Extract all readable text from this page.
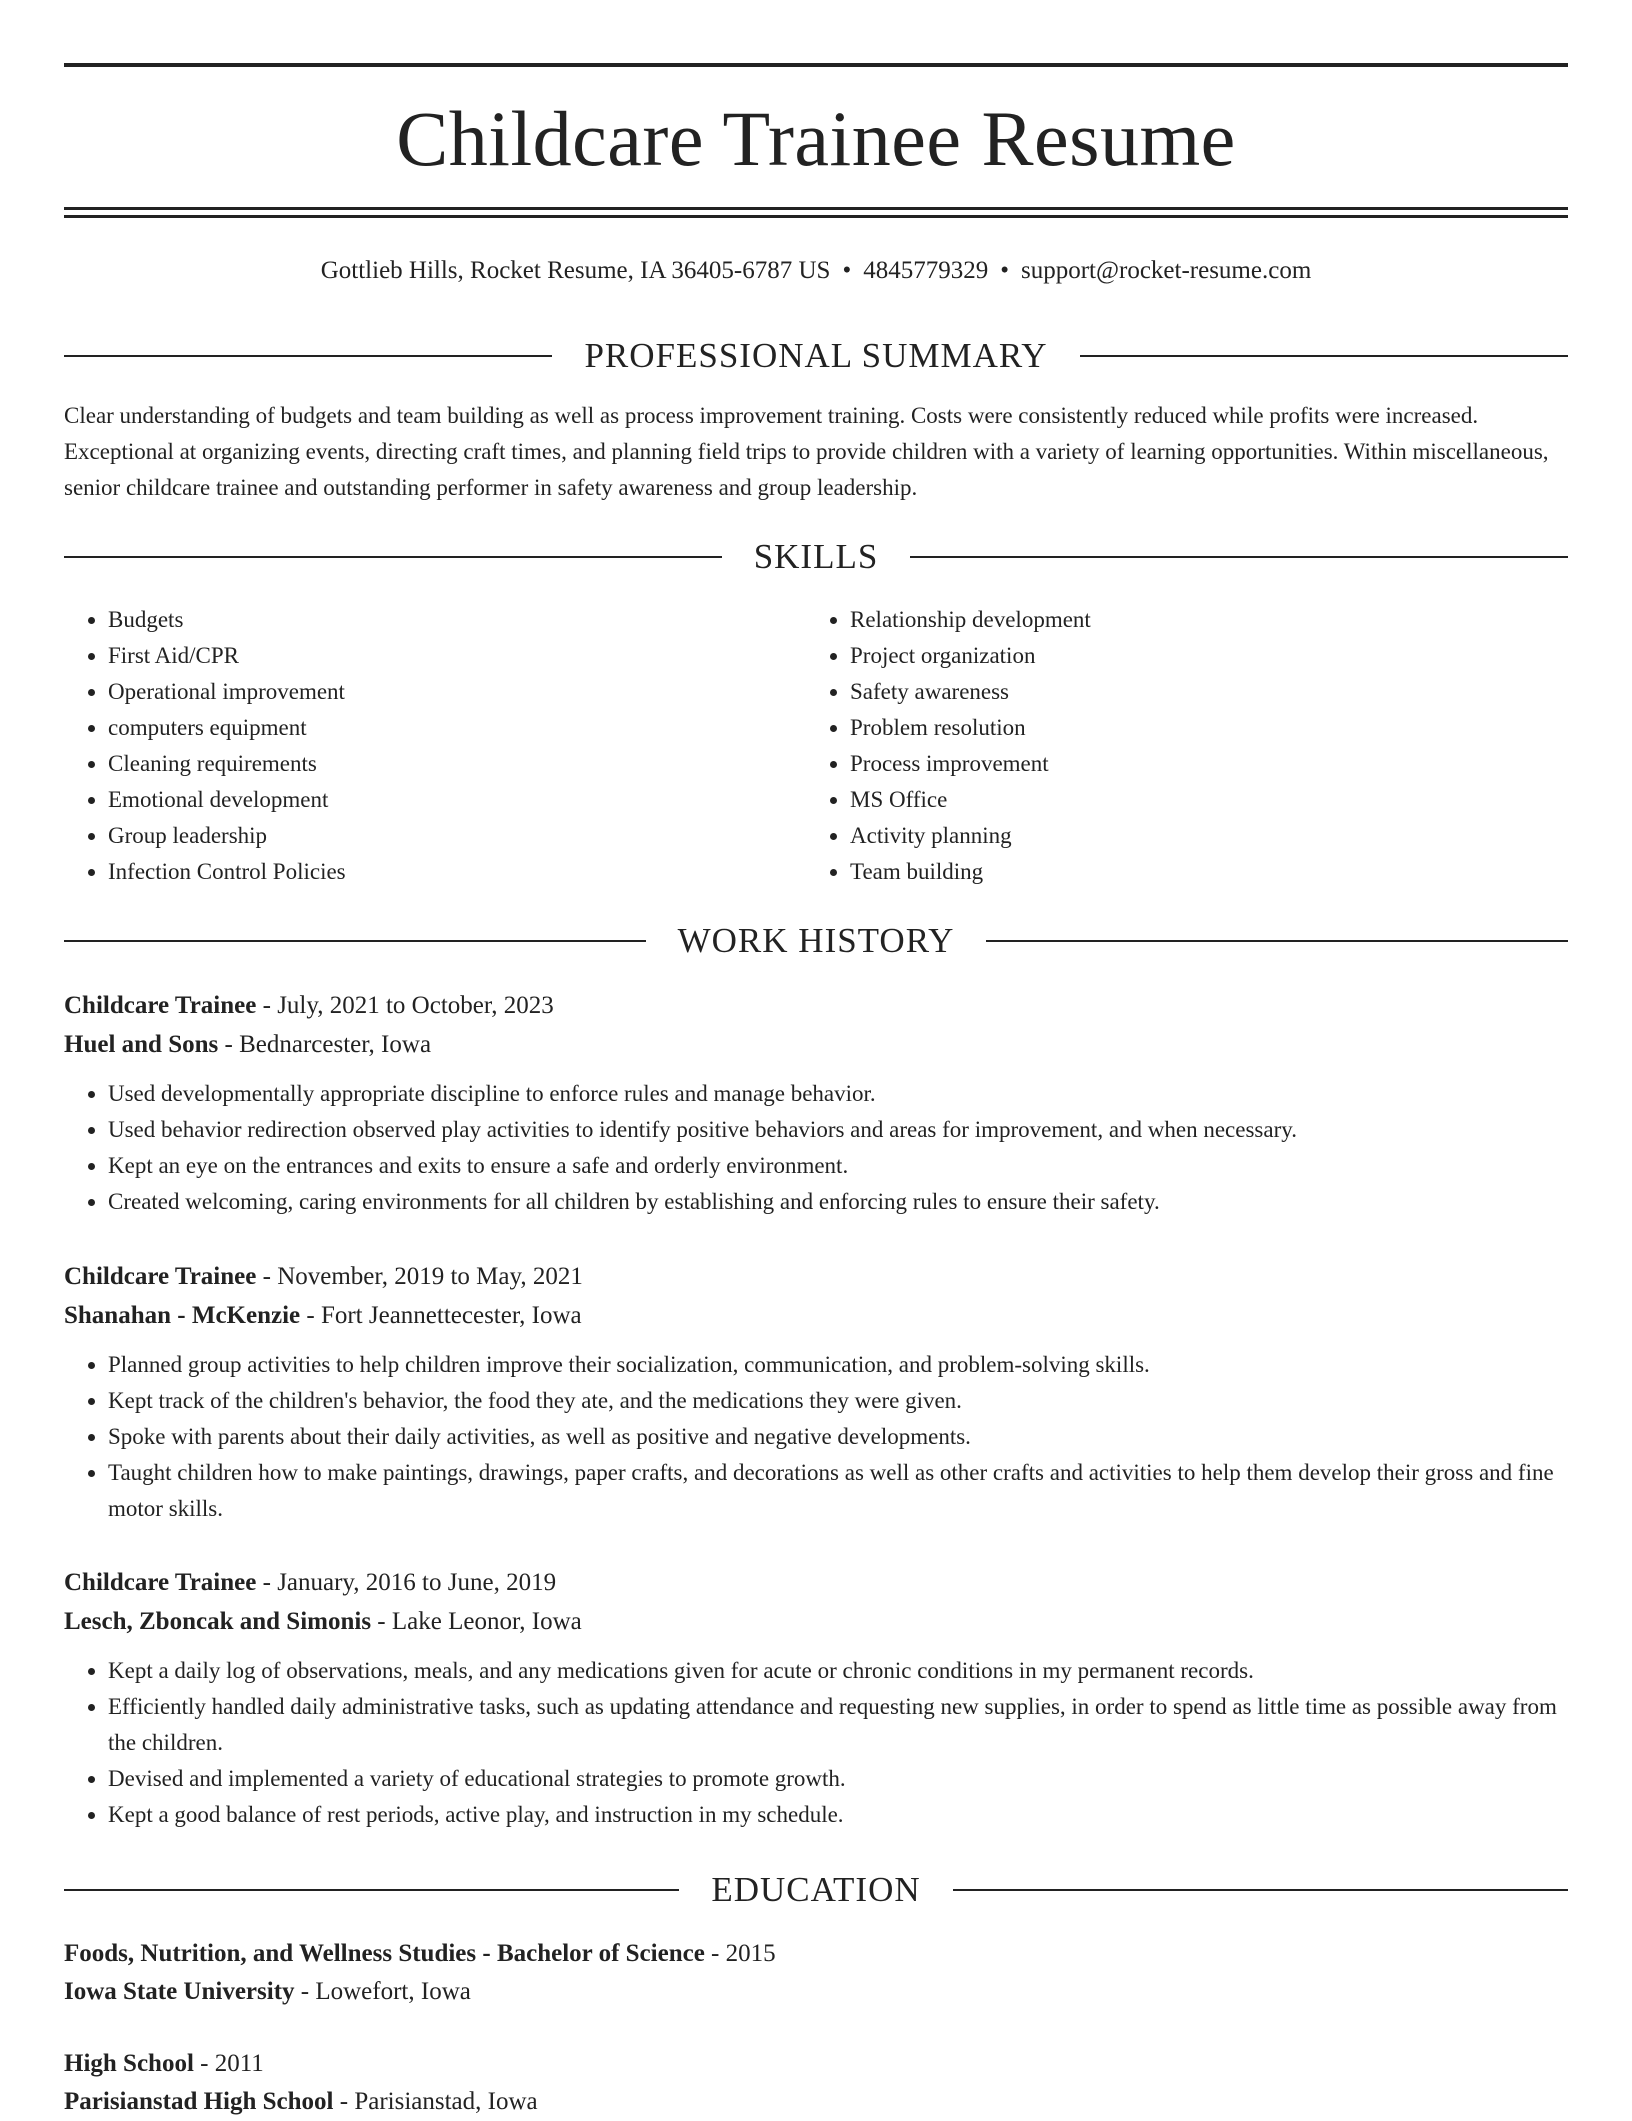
Childcare Trainee Resume
Gottlieb Hills, Rocket Resume, IA 36405-6787 US • 4845779329 • support@rocket-resume.com
PROFESSIONAL SUMMARY
Clear understanding of budgets and team building as well as process improvement training. Costs were consistently reduced while profits were increased. Exceptional at organizing events, directing craft times, and planning field trips to provide children with a variety of learning opportunities. Within miscellaneous, senior childcare trainee and outstanding performer in safety awareness and group leadership.
SKILLS
• Budgets
• First Aid/CPR
• Operational improvement
• computers equipment
• Cleaning requirements
• Emotional development
• Group leadership
• Infection Control Policies
• Relationship development
• Project organization
• Safety awareness
• Problem resolution
• Process improvement
• MS Office
• Activity planning
• Team building
WORK HISTORY
Childcare Trainee - July, 2021 to October, 2023
Huel and Sons - Bednarcester, Iowa
• Used developmentally appropriate discipline to enforce rules and manage behavior.
• Used behavior redirection observed play activities to identify positive behaviors and areas for improvement, and when necessary.
• Kept an eye on the entrances and exits to ensure a safe and orderly environment.
• Created welcoming, caring environments for all children by establishing and enforcing rules to ensure their safety.
Childcare Trainee - November, 2019 to May, 2021
Shanahan - McKenzie - Fort Jeannettecester, Iowa
• Planned group activities to help children improve their socialization, communication, and problem-solving skills.
• Kept track of the children's behavior, the food they ate, and the medications they were given.
• Spoke with parents about their daily activities, as well as positive and negative developments.
• Taught children how to make paintings, drawings, paper crafts, and decorations as well as other crafts and activities to help them develop their gross and fine motor skills.
Childcare Trainee - January, 2016 to June, 2019
Lesch, Zboncak and Simonis - Lake Leonor, Iowa
• Kept a daily log of observations, meals, and any medications given for acute or chronic conditions in my permanent records.
• Efficiently handled daily administrative tasks, such as updating attendance and requesting new supplies, in order to spend as little time as possible away from the children.
• Devised and implemented a variety of educational strategies to promote growth.
• Kept a good balance of rest periods, active play, and instruction in my schedule.
EDUCATION
Foods, Nutrition, and Wellness Studies - Bachelor of Science - 2015
Iowa State University - Lowefort, Iowa
High School - 2011
Parisianstad High School - Parisianstad, Iowa
